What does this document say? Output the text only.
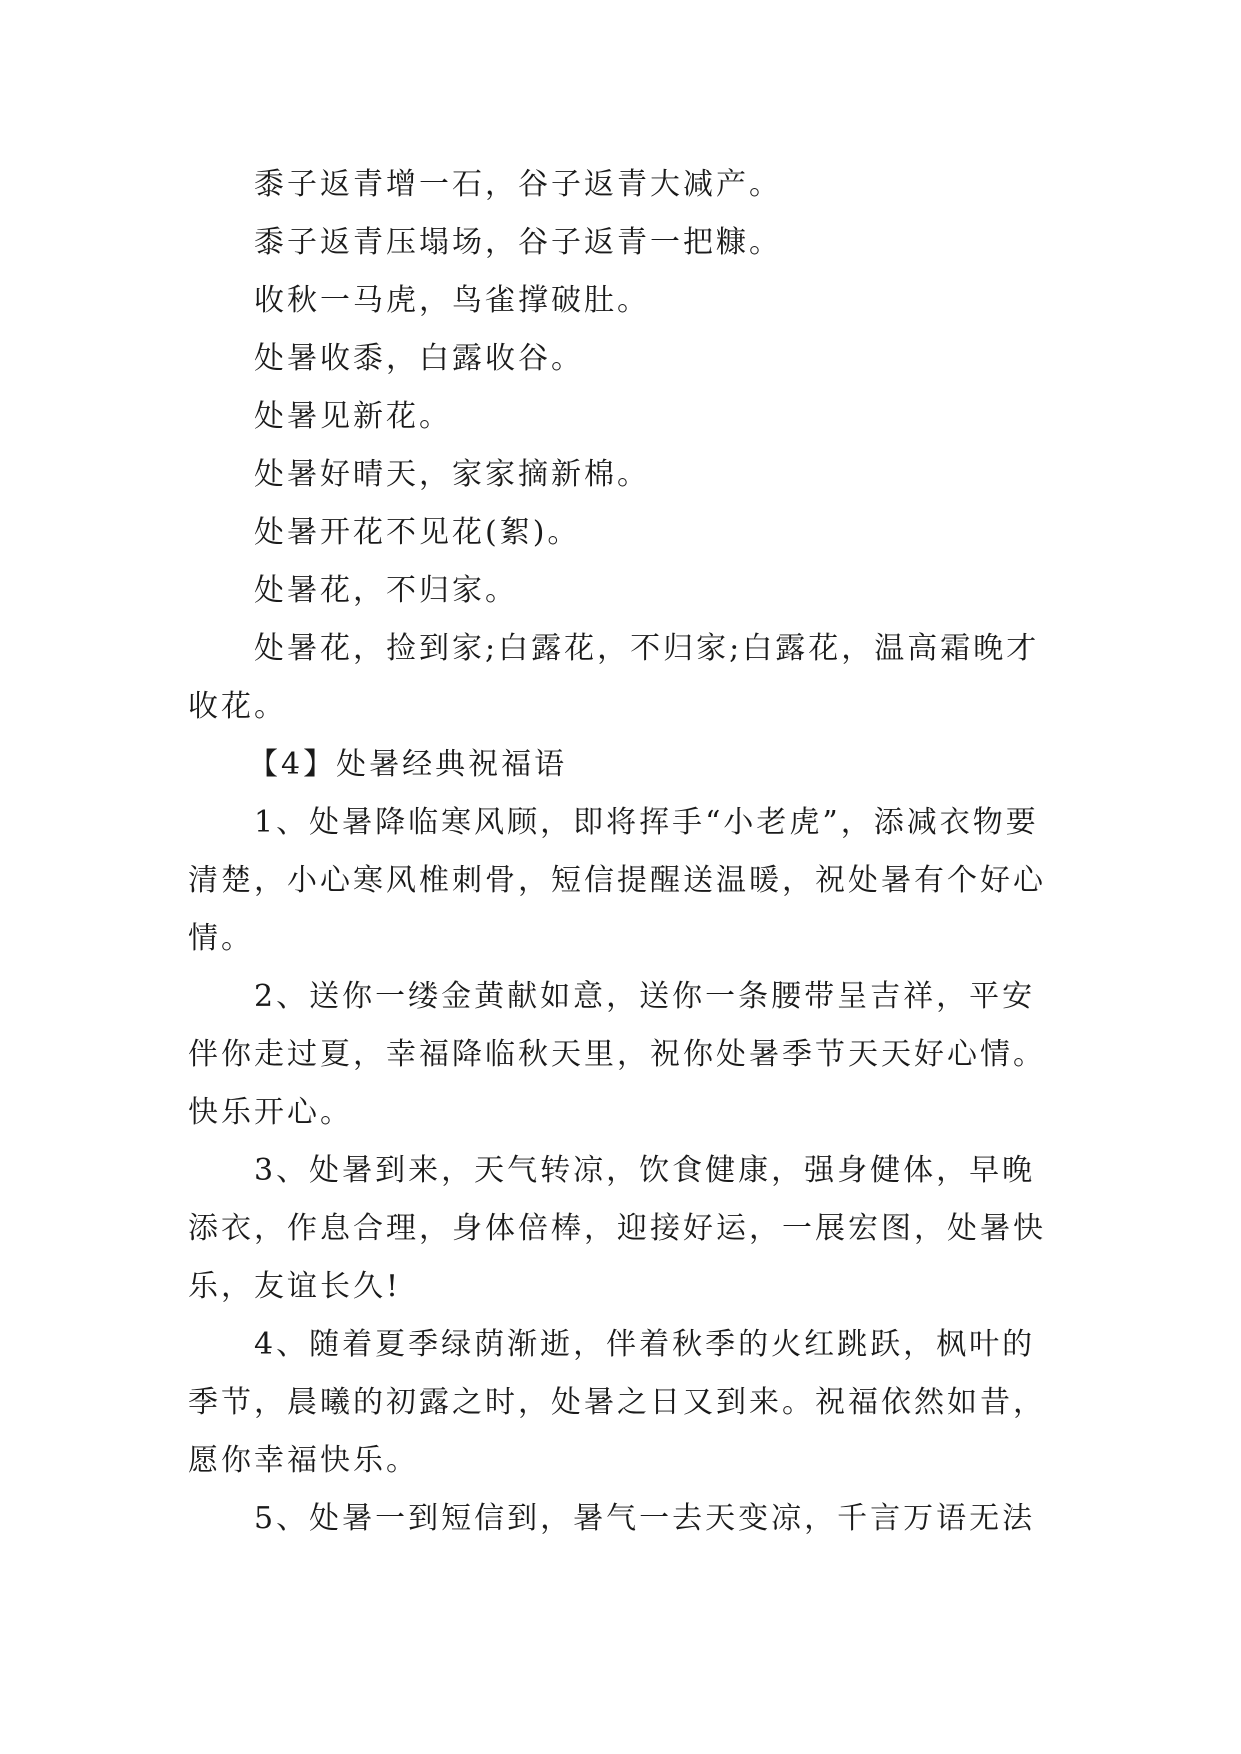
黍子返青增一石，谷子返青大减产。
黍子返青压塌场，谷子返青一把糠。
收秋一马虎，鸟雀撑破肚。
处暑收黍，白露收谷。
处暑见新花。
处暑好晴天，家家摘新棉。
处暑开花不见花(絮)。
处暑花，不归家。
处暑花，捡到家;白露花，不归家;白露花，温高霜晚才
收花。
【4】处暑经典祝福语
1、处暑降临寒风顾，即将挥手“小老虎”，添减衣物要
清楚，小心寒风椎刺骨，短信提醒送温暖，祝处暑有个好心
情。
2、送你一缕金黄献如意，送你一条腰带呈吉祥，平安
伴你走过夏，幸福降临秋天里，祝你处暑季节天天好心情。
快乐开心。
3、处暑到来，天气转凉，饮食健康，强身健体，早晚
添衣，作息合理，身体倍棒，迎接好运，一展宏图，处暑快
乐，友谊长久!
4、随着夏季绿荫渐逝，伴着秋季的火红跳跃，枫叶的
季节，晨曦的初露之时，处暑之日又到来。祝福依然如昔，
愿你幸福快乐。
5、处暑一到短信到，暑气一去天变凉，千言万语无法
